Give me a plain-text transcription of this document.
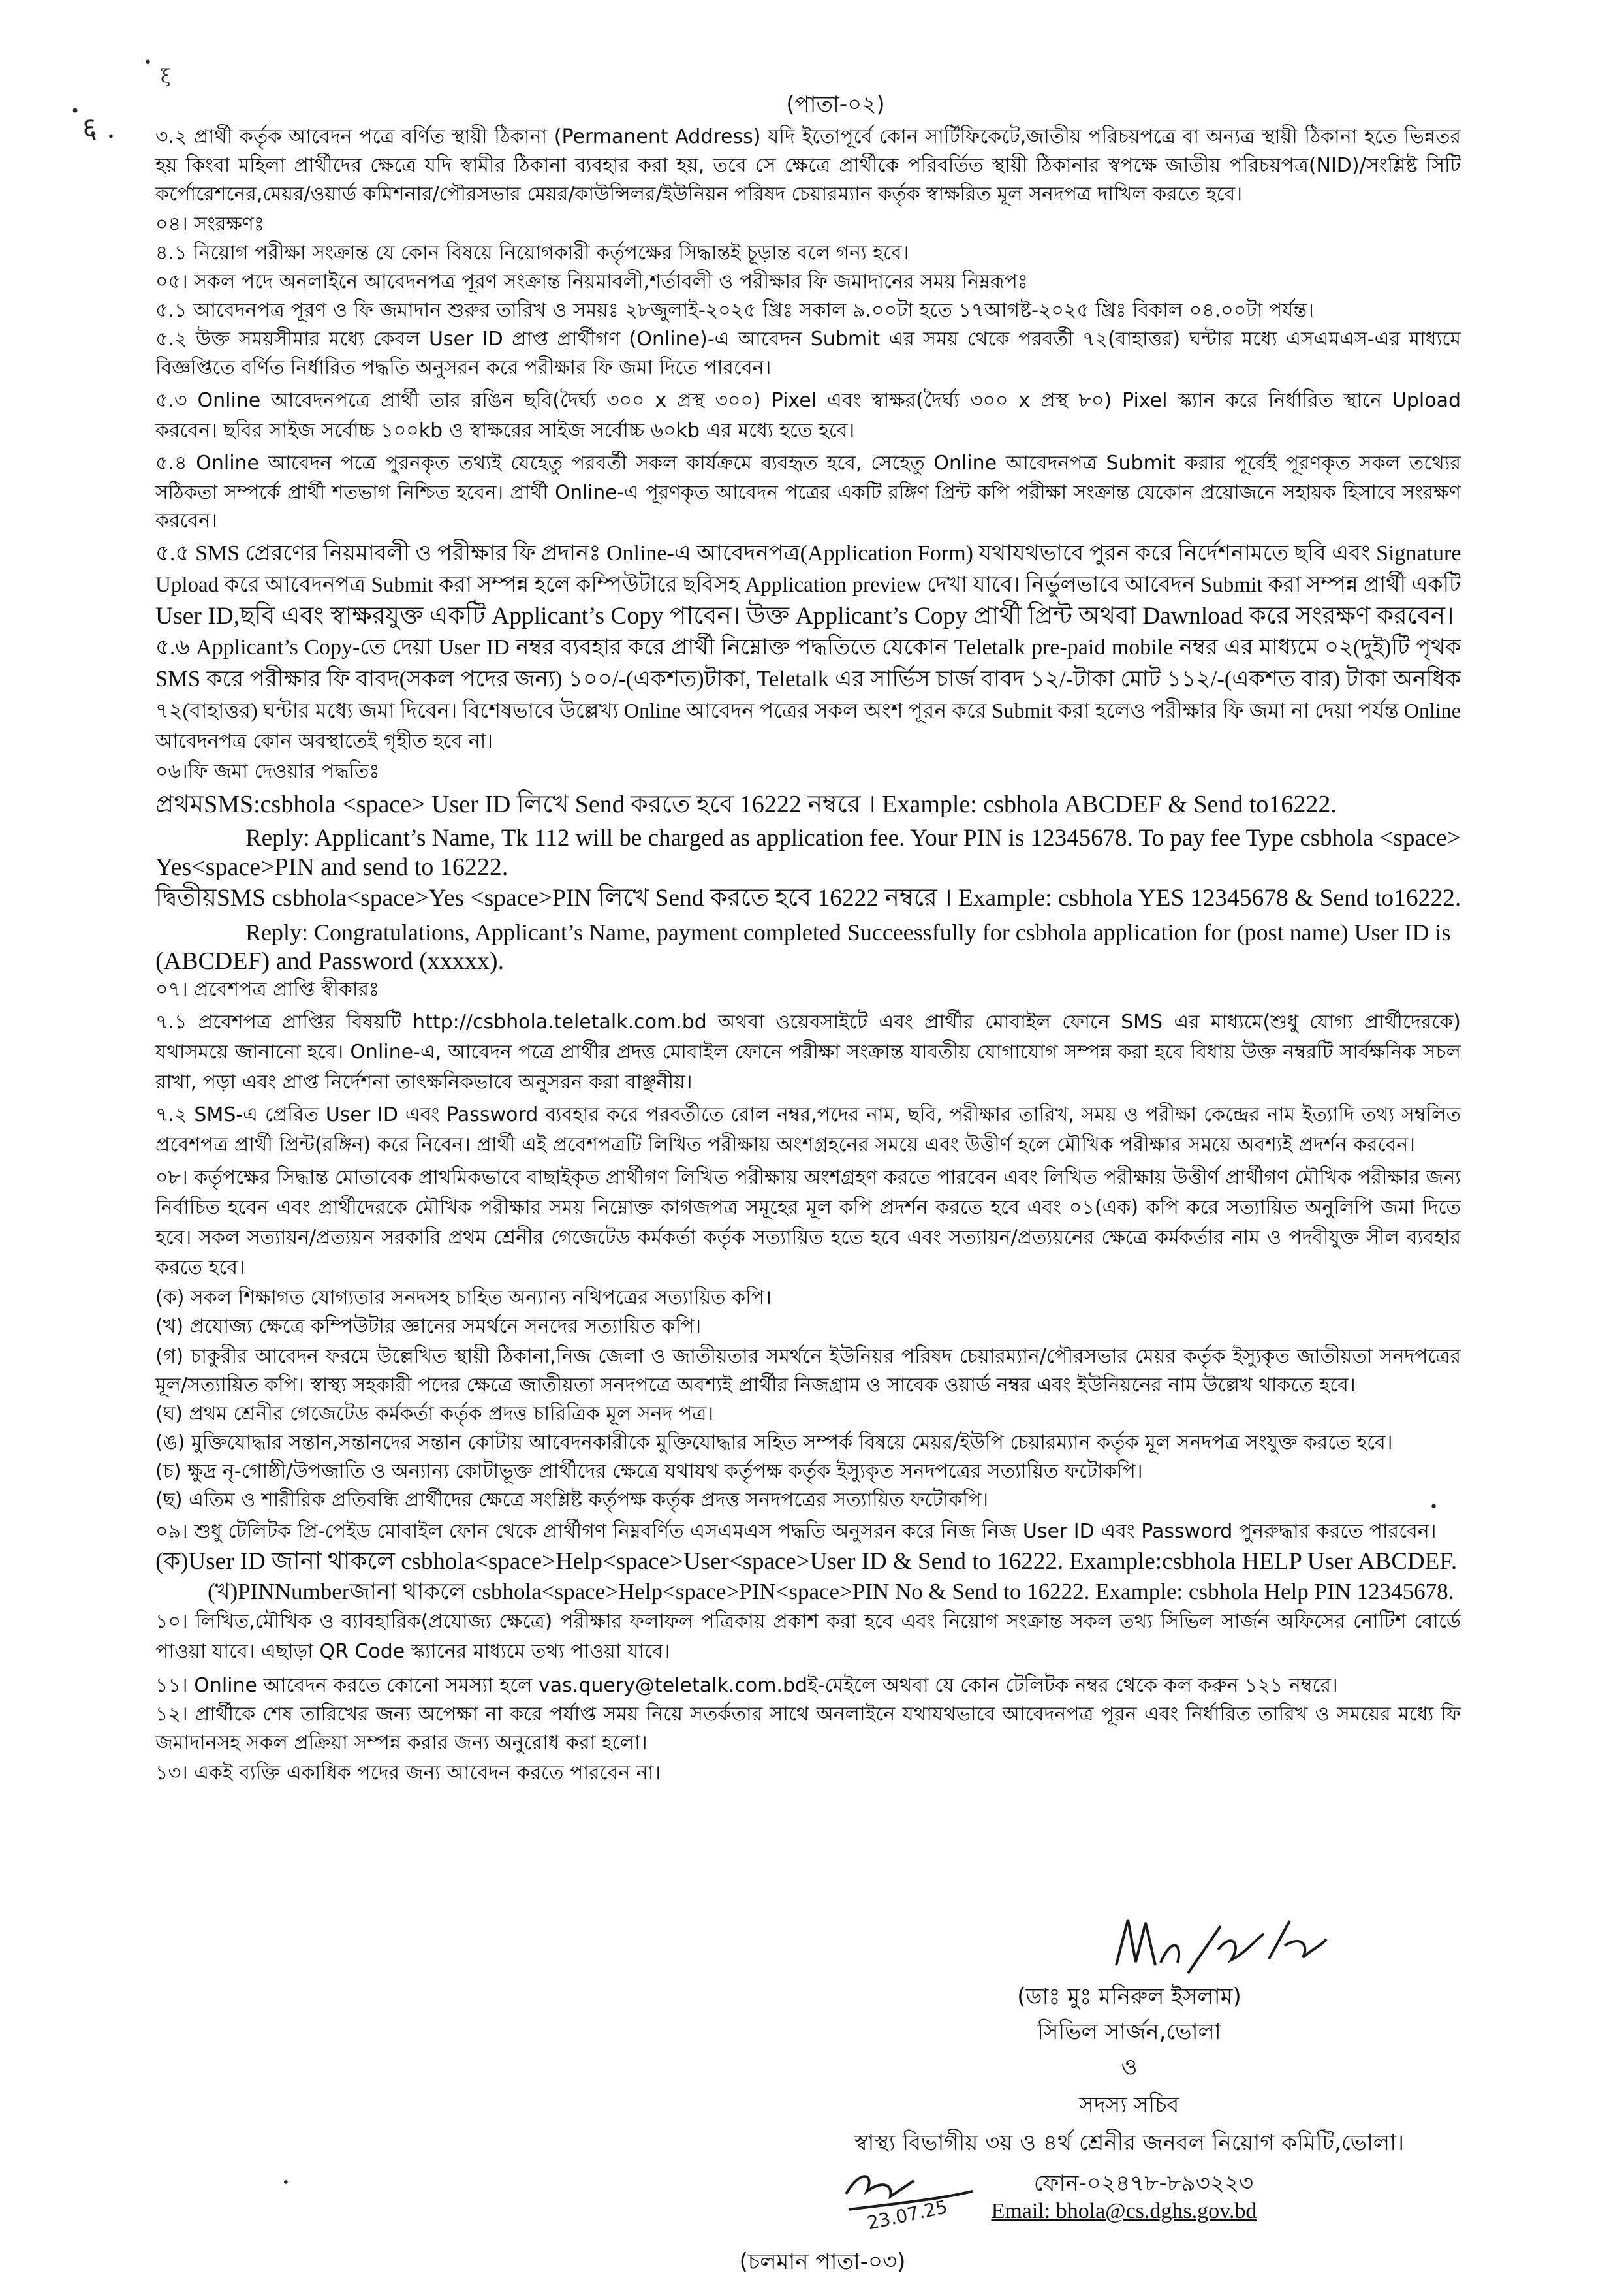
•
ξ
•
६ .
•
•
(পাতা-০২)
৩.২ প্রার্থী কর্তৃক আবেদন পত্রে বর্ণিত স্থায়ী ঠিকানা (Permanent Address) যদি ইতোপূর্বে কোন সার্টিফিকেটে,জাতীয় পরিচয়পত্রে বা অন্যত্র স্থায়ী ঠিকানা হতে ভিন্নতর
হয় কিংবা মহিলা প্রার্থীদের ক্ষেত্রে যদি স্বামীর ঠিকানা ব্যবহার করা হয়, তবে সে ক্ষেত্রে প্রার্থীকে পরিবর্তিত স্থায়ী ঠিকানার স্বপক্ষে জাতীয় পরিচয়পত্র(NID)/সংশ্লিষ্ট সিটি
কর্পোরেশনের,মেয়র/ওয়ার্ড কমিশনার/পৌরসভার মেয়র/কাউন্সিলর/ইউনিয়ন পরিষদ চেয়ারম্যান কর্তৃক স্বাক্ষরিত মূল সনদপত্র দাখিল করতে হবে।
০৪। সংরক্ষণঃ
৪.১ নিয়োগ পরীক্ষা সংক্রান্ত যে কোন বিষয়ে নিয়োগকারী কর্তৃপক্ষের সিদ্ধান্তই চূড়ান্ত বলে গন্য হবে।
০৫। সকল পদে অনলাইনে আবেদনপত্র পূরণ সংক্রান্ত নিয়মাবলী,শর্তাবলী ও পরীক্ষার ফি জমাদানের সময় নিম্নরূপঃ
৫.১ আবেদনপত্র পূরণ ও ফি জমাদান শুরুর তারিখ ও সময়ঃ ২৮জুলাই-২০২৫ খ্রিঃ সকাল ৯.০০টা হতে ১৭আগষ্ট-২০২৫ খ্রিঃ বিকাল ০৪.০০টা পর্যন্ত।
৫.২ উক্ত সময়সীমার মধ্যে কেবল User ID প্রাপ্ত প্রার্থীগণ (Online)-এ আবেদন Submit এর সময় থেকে পরবর্তী ৭২(বাহাত্তর) ঘন্টার মধ্যে এসএমএস-এর মাধ্যমে
বিজ্ঞপ্তিতে বর্ণিত নির্ধারিত পদ্ধতি অনুসরন করে পরীক্ষার ফি জমা দিতে পারবেন।
৫.৩ Online আবেদনপত্রে প্রার্থী তার রঙিন ছবি(দৈর্ঘ্য ৩০০ x প্রস্থ ৩০০) Pixel এবং স্বাক্ষর(দৈর্ঘ্য ৩০০ x প্রস্থ ৮০) Pixel স্ক্যান করে নির্ধারিত স্থানে Upload
করবেন। ছবির সাইজ সর্বোচ্চ ১০০kb ও স্বাক্ষরের সাইজ সর্বোচ্চ ৬০kb এর মধ্যে হতে হবে।
৫.৪ Online আবেদন পত্রে পুরনকৃত তথ্যই যেহেতু পরবর্তী সকল কার্যক্রমে ব্যবহৃত হবে, সেহেতু Online আবেদনপত্র Submit করার পূর্বেই পূরণকৃত সকল তথ্যের
সঠিকতা সম্পর্কে প্রার্থী শতভাগ নিশ্চিত হবেন। প্রার্থী Online-এ পূরণকৃত আবেদন পত্রের একটি রঙ্গিণ প্রিন্ট কপি পরীক্ষা সংক্রান্ত যেকোন প্রয়োজনে সহায়ক হিসাবে সংরক্ষণ
করবেন।
৫.৫ SMS প্রেরণের নিয়মাবলী ও পরীক্ষার ফি প্রদানঃ Online-এ আবেদনপত্র(Application Form) যথাযথভাবে পুরন করে নির্দেশনামতে ছবি এবং Signature
Upload করে আবেদনপত্র Submit করা সম্পন্ন হলে কম্পিউটারে ছবিসহ Application preview দেখা যাবে। নির্ভুলভাবে আবেদন Submit করা সম্পন্ন প্রার্থী একটি
User ID,ছবি এবং স্বাক্ষরযুক্ত একটি Applicant’s Copy পাবেন। উক্ত Applicant’s Copy প্রার্থী প্রিন্ট অথবা Dawnload করে সংরক্ষণ করবেন।
৫.৬ Applicant’s Copy-তে দেয়া User ID নম্বর ব্যবহার করে প্রার্থী নিম্নোক্ত পদ্ধতিতে যেকোন Teletalk pre-paid mobile নম্বর এর মাধ্যমে ০২(দুই)টি পৃথক
SMS করে পরীক্ষার ফি বাবদ(সকল পদের জন্য) ১০০/-(একশত)টাকা, Teletalk এর সার্ভিস চার্জ বাবদ ১২/-টাকা মোট ১১২/-(একশত বার) টাকা অনধিক
৭২(বাহাত্তর) ঘন্টার মধ্যে জমা দিবেন। বিশেষভাবে উল্লেখ্য Online আবেদন পত্রের সকল অংশ পূরন করে Submit করা হলেও পরীক্ষার ফি জমা না দেয়া পর্যন্ত Online
আবেদনপত্র কোন অবস্থাতেই গৃহীত হবে না।
০৬।ফি জমা দেওয়ার পদ্ধতিঃ
প্রথমSMS:csbhola <space> User ID লিখে Send করতে হবে 16222 নম্বরে । Example: csbhola ABCDEF & Send to16222.
Reply: Applicant’s Name, Tk 112 will be charged as application fee. Your PIN is 12345678. To pay fee Type csbhola <space>
Yes<space>PIN and send to 16222.
দ্বিতীয়SMS csbhola<space>Yes <space>PIN লিখে Send করতে হবে 16222 নম্বরে । Example: csbhola YES 12345678 & Send to16222.
Reply: Congratulations, Applicant’s Name, payment completed Succeessfully for csbhola application for (post name) User ID is
(ABCDEF) and Password (xxxxx).
০৭। প্রবেশপত্র প্রাপ্তি স্বীকারঃ
৭.১ প্রবেশপত্র প্রাপ্তির বিষয়টি http://csbhola.teletalk.com.bd অথবা ওয়েবসাইটে এবং প্রার্থীর মোবাইল ফোনে SMS এর মাধ্যমে(শুধু যোগ্য প্রার্থীদেরকে)
যথাসময়ে জানানো হবে। Online-এ, আবেদন পত্রে প্রার্থীর প্রদত্ত মোবাইল ফোনে পরীক্ষা সংক্রান্ত যাবতীয় যোগাযোগ সম্পন্ন করা হবে বিধায় উক্ত নম্বরটি সার্বক্ষনিক সচল
রাখা, পড়া এবং প্রাপ্ত নির্দেশনা তাৎক্ষনিকভাবে অনুসরন করা বাঞ্ছনীয়।
৭.২ SMS-এ প্রেরিত User ID এবং Password ব্যবহার করে পরবর্তীতে রোল নম্বর,পদের নাম, ছবি, পরীক্ষার তারিখ, সময় ও পরীক্ষা কেন্দ্রের নাম ইত্যাদি তথ্য সম্বলিত
প্রবেশপত্র প্রার্থী প্রিন্ট(রঙ্গিন) করে নিবেন। প্রার্থী এই প্রবেশপত্রটি লিখিত পরীক্ষায় অংশগ্রহনের সময়ে এবং উত্তীর্ণ হলে মৌখিক পরীক্ষার সময়ে অবশ্যই প্রদর্শন করবেন।
০৮। কর্তৃপক্ষের সিদ্ধান্ত মোতাবেক প্রাথমিকভাবে বাছাইকৃত প্রার্থীগণ লিখিত পরীক্ষায় অংশগ্রহণ করতে পারবেন এবং লিখিত পরীক্ষায় উত্তীর্ণ প্রার্থীগণ মৌখিক পরীক্ষার জন্য
নির্বাচিত হবেন এবং প্রার্থীদেরকে মৌখিক পরীক্ষার সময় নিম্নোক্ত কাগজপত্র সমূহের মূল কপি প্রদর্শন করতে হবে এবং ০১(এক) কপি করে সত্যায়িত অনুলিপি জমা দিতে
হবে। সকল সত্যায়ন/প্রত্যয়ন সরকারি প্রথম শ্রেনীর গেজেটেড কর্মকর্তা কর্তৃক সত্যায়িত হতে হবে এবং সত্যায়ন/প্রত্যয়নের ক্ষেত্রে কর্মকর্তার নাম ও পদবীযুক্ত সীল ব্যবহার
করতে হবে।
(ক) সকল শিক্ষাগত যোগ্যতার সনদসহ চাহিত অন্যান্য নথিপত্রের সত্যায়িত কপি।
(খ) প্রযোজ্য ক্ষেত্রে কম্পিউটার জ্ঞানের সমর্থনে সনদের সত্যায়িত কপি।
(গ) চাকুরীর আবেদন ফরমে উল্লেখিত স্থায়ী ঠিকানা,নিজ জেলা ও জাতীয়তার সমর্থনে ইউনিয়র পরিষদ চেয়ারম্যান/পৌরসভার মেয়র কর্তৃক ইস্যুকৃত জাতীয়তা সনদপত্রের
মূল/সত্যায়িত কপি। স্বাস্থ্য সহকারী পদের ক্ষেত্রে জাতীয়তা সনদপত্রে অবশ্যই প্রার্থীর নিজগ্রাম ও সাবেক ওয়ার্ড নম্বর এবং ইউনিয়নের নাম উল্লেখ থাকতে হবে।
(ঘ) প্রথম শ্রেনীর গেজেটেড কর্মকর্তা কর্তৃক প্রদত্ত চারিত্রিক মূল সনদ পত্র।
(ঙ) মুক্তিযোদ্ধার সন্তান,সন্তানদের সন্তান কোটায় আবেদনকারীকে মুক্তিযোদ্ধার সহিত সম্পর্ক বিষয়ে মেয়র/ইউপি চেয়ারম্যান কর্তৃক মূল সনদপত্র সংযুক্ত করতে হবে।
(চ) ক্ষুদ্র নৃ-গোষ্ঠী/উপজাতি ও অন্যান্য কোটাভূক্ত প্রার্থীদের ক্ষেত্রে যথাযথ কর্তৃপক্ষ কর্তৃক ইস্যুকৃত সনদপত্রের সত্যায়িত ফটোকপি।
(ছ) এতিম ও শারীরিক প্রতিবন্ধি প্রার্থীদের ক্ষেত্রে সংশ্লিষ্ট কর্তৃপক্ষ কর্তৃক প্রদত্ত সনদপত্রের সত্যায়িত ফটোকপি।
০৯। শুধু টেলিটক প্রি-পেইড মোবাইল ফোন থেকে প্রার্থীগণ নিম্নবর্ণিত এসএমএস পদ্ধতি অনুসরন করে নিজ নিজ User ID এবং Password পুনরুদ্ধার করতে পারবেন।
(ক)User ID জানা থাকলে csbhola<space>Help<space>User<space>User ID & Send to 16222. Example:csbhola HELP User ABCDEF.
(খ)PINNumberজানা থাকলে csbhola<space>Help<space>PIN<space>PIN No & Send to 16222. Example: csbhola Help PIN 12345678.
১০। লিখিত,মৌখিক ও ব্যাবহারিক(প্রযোজ্য ক্ষেত্রে) পরীক্ষার ফলাফল পত্রিকায় প্রকাশ করা হবে এবং নিয়োগ সংক্রান্ত সকল তথ্য সিভিল সার্জন অফিসের নোটিশ বোর্ডে
পাওয়া যাবে। এছাড়া QR Code স্ক্যানের মাধ্যমে তথ্য পাওয়া যাবে।
১১। Online আবেদন করতে কোনো সমস্যা হলে vas.query@teletalk.com.bdই-মেইলে অথবা যে কোন টেলিটক নম্বর থেকে কল করুন ১২১ নম্বরে।
১২। প্রার্থীকে শেষ তারিখের জন্য অপেক্ষা না করে পর্যাপ্ত সময় নিয়ে সতর্কতার সাথে অনলাইনে যথাযথভাবে আবেদনপত্র পূরন এবং নির্ধারিত তারিখ ও সময়ের মধ্যে ফি
জমাদানসহ সকল প্রক্রিয়া সম্পন্ন করার জন্য অনুরোধ করা হলো।
১৩। একই ব্যক্তি একাধিক পদের জন্য আবেদন করতে পারবেন না।
Mr 23/7/25
(ডাঃ মুঃ মনিরুল ইসলাম)
সিভিল সার্জন,ভোলা
ও
সদস্য সচিব
স্বাস্থ্য বিভাগীয় ৩য় ও ৪র্থ শ্রেনীর জনবল নিয়োগ কমিটি,ভোলা।
23.07.25
ফোন-০২৪৭৮-৮৯৩২২৩
Email: bhola@cs.dghs.gov.bd
(চলমান পাতা-০৩)
